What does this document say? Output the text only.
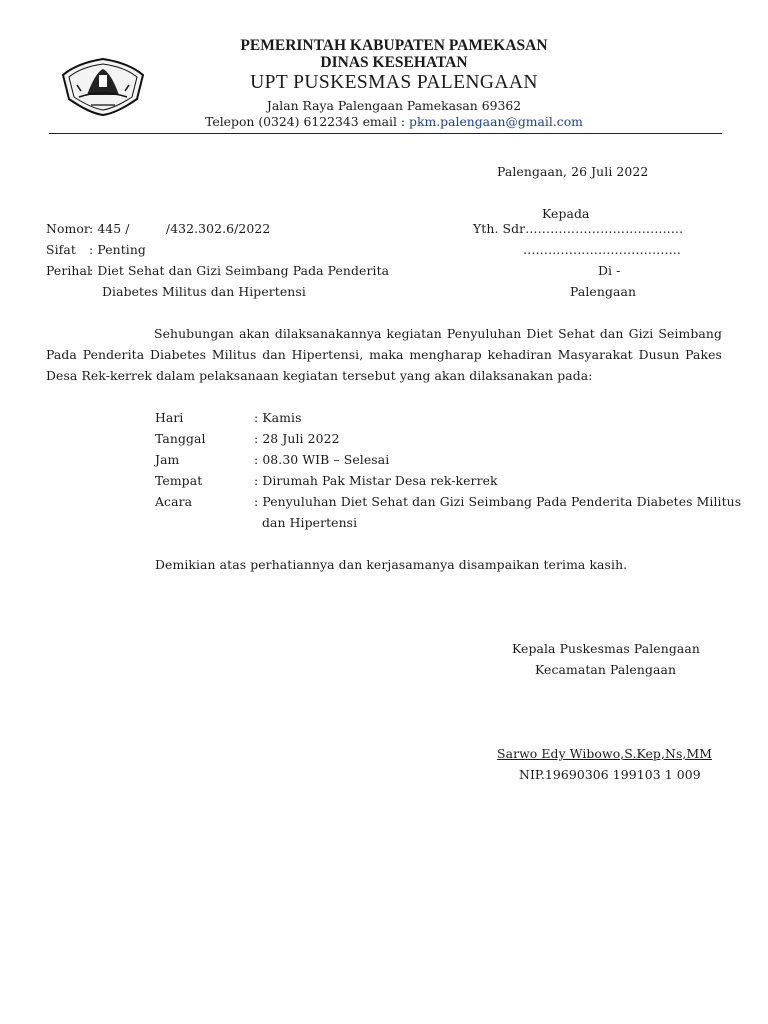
PEMERINTAH KABUPATEN PAMEKASAN
DINAS KESEHATAN
UPT PUSKESMAS PALENGAAN
Jalan Raya Palengaan Pamekasan 69362
Telepon (0324) 6122343 email : pkm.palengaan@gmail.com
Palengaan, 26 Juli 2022
Kepada
Yth. Sdr………………………………..
………………………………..
Di -
Palengaan
Nomor : 445 /         /432.302.6/2022
Sifat : Penting
Perihal
: Diet Sehat dan Gizi Seimbang Pada Penderita
Diabetes Militus dan Hipertensi
Sehubungan akan dilaksanakannya kegiatan Penyuluhan Diet Sehat dan Gizi Seimbang Pada Penderita Diabetes Militus dan Hipertensi, maka mengharap kehadiran Masyarakat Dusun Pakes Desa Rek-kerrek dalam pelaksanaan kegiatan tersebut yang akan dilaksanakan pada:
Hari	: Kamis
Tanggal	: 28 Juli 2022
Jam	: 08.30 WIB – Selesai
Tempat	: Dirumah Pak Mistar Desa rek-kerrek
Acara	: Penyuluhan Diet Sehat dan Gizi Seimbang Pada Penderita Diabetes Militus
dan Hipertensi
Demikian atas perhatiannya dan kerjasamanya disampaikan terima kasih.
Kepala Puskesmas Palengaan
Kecamatan Palengaan
Sarwo Edy Wibowo,S.Kep,Ns,MM
NIP.19690306 199103 1 009
